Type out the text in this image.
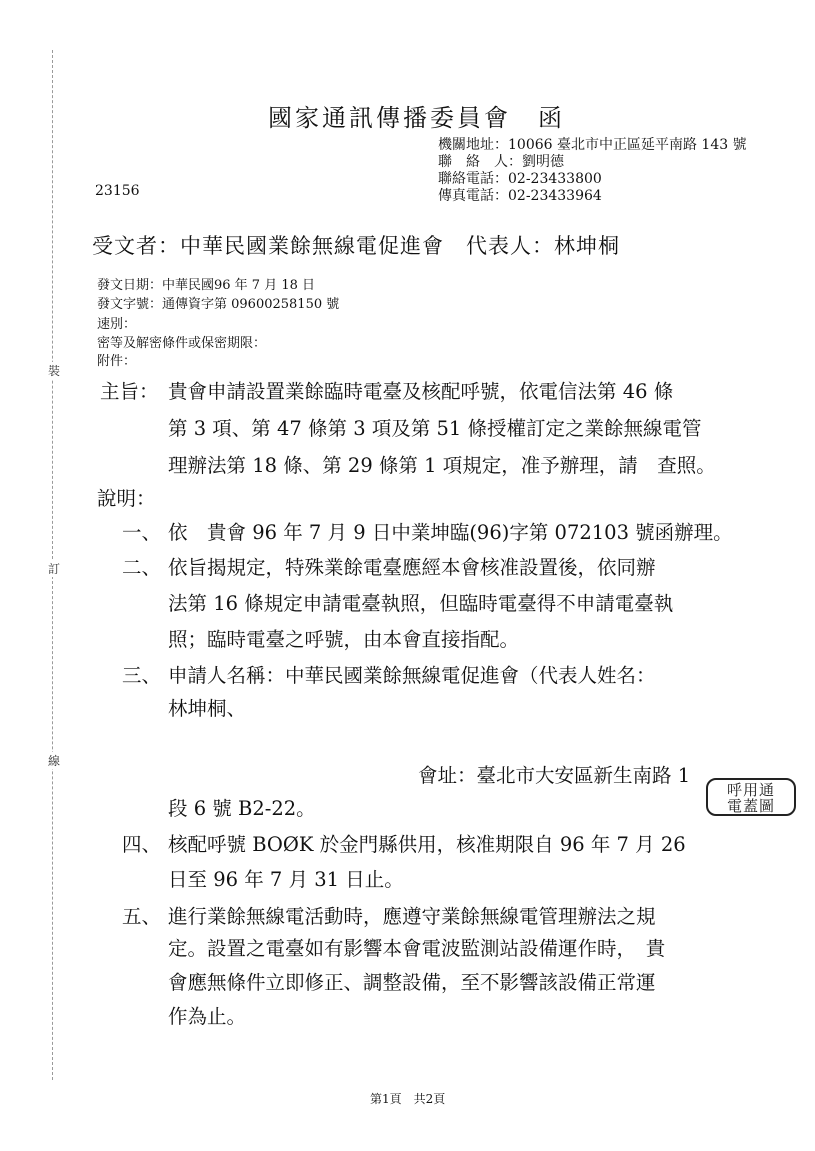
裝
訂
線
國家通訊傳播委員會　函
機關地址：10066 臺北市中正區延平南路 143 號
聯　絡　人：劉明德
聯絡電話：02-23433800
傳真電話：02-23433964
23156
受文者：中華民國業餘無線電促進會　代表人：林坤桐
發文日期：中華民國96 年 7 月 18 日
發文字號：通傳資字第 09600258150 號
速別：
密等及解密條件或保密期限：
附件：
主旨： 貴會申請設置業餘臨時電臺及核配呼號，依電信法第 46 條
第 3 項、第 47 條第 3 項及第 51 條授權訂定之業餘無線電管
理辦法第 18 條、第 29 條第 1 項規定，准予辦理，請　查照。
說明：
一、 依　貴會 96 年 7 月 9 日中業坤臨(96)字第 072103 號函辦理。
二、 依旨揭規定，特殊業餘電臺應經本會核准設置後，依同辦
法第 16 條規定申請電臺執照，但臨時電臺得不申請電臺執
照；臨時電臺之呼號，由本會直接指配。
三、 申請人名稱：中華民國業餘無線電促進會（代表人姓名：
林坤桐、
會址：臺北市大安區新生南路 1
段 6 號 B2-22。
呼用通
電蓋圖
四、 核配呼號 BOØK 於金門縣供用，核准期限自 96 年 7 月 26
日至 96 年 7 月 31 日止。
五、 進行業餘無線電活動時，應遵守業餘無線電管理辦法之規
定。設置之電臺如有影響本會電波監測站設備運作時，　貴
會應無條件立即修正、調整設備，至不影響該設備正常運
作為止。
第1頁　共2頁
